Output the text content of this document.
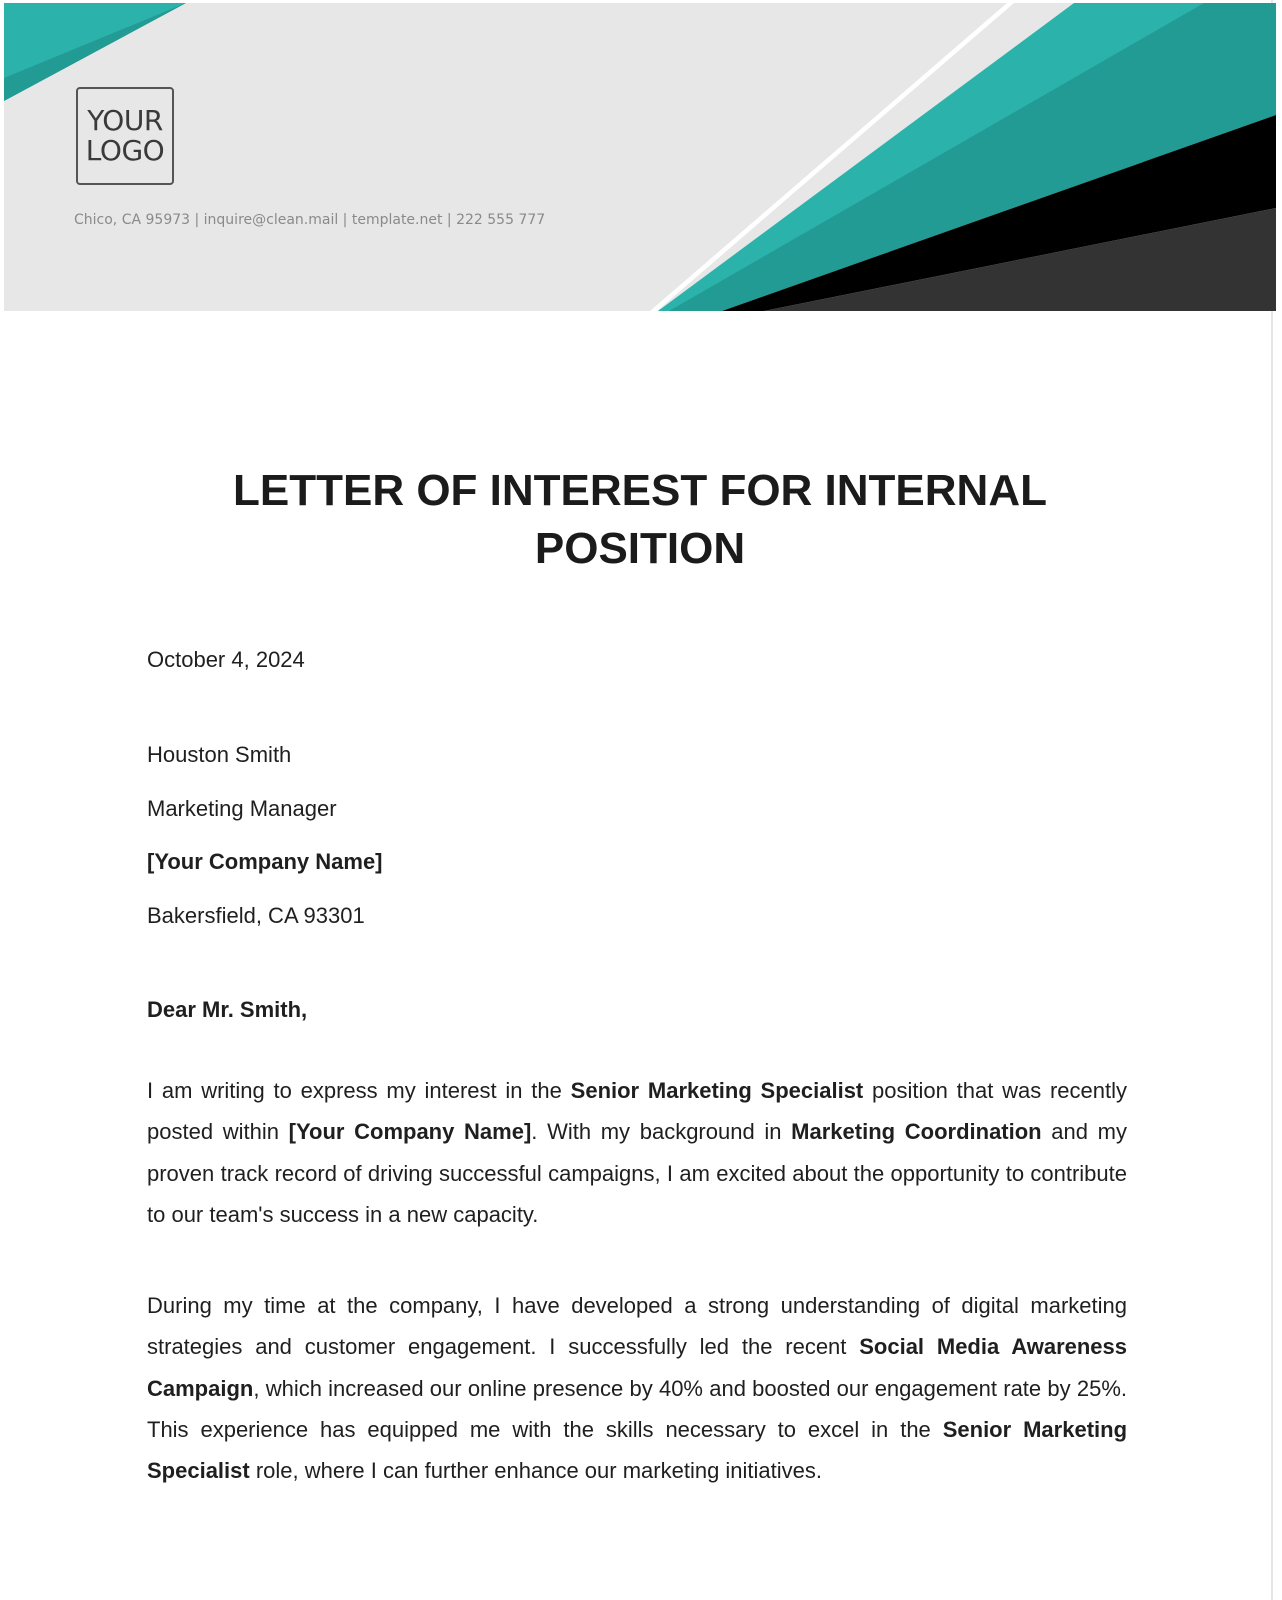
YOUR
LOGO
Chico, CA 95973 | inquire@clean.mail | template.net | 222 555 777
LETTER OF INTEREST FOR INTERNAL POSITION
October 4, 2024
Houston Smith
Marketing Manager
[Your Company Name]
Bakersfield, CA 93301
Dear Mr. Smith,

I am writing to express my interest in the Senior Marketing Specialist position that was recently posted within [Your Company Name]. With my background in Marketing Coordination and my proven track record of driving successful campaigns, I am excited about the opportunity to contribute to our team's success in a new capacity.

During my time at the company, I have developed a strong understanding of digital marketing strategies and customer engagement. I successfully led the recent Social Media Awareness Campaign, which increased our online presence by 40% and boosted our engagement rate by 25%. This experience has equipped me with the skills necessary to excel in the Senior Marketing Specialist role, where I can further enhance our marketing initiatives.
